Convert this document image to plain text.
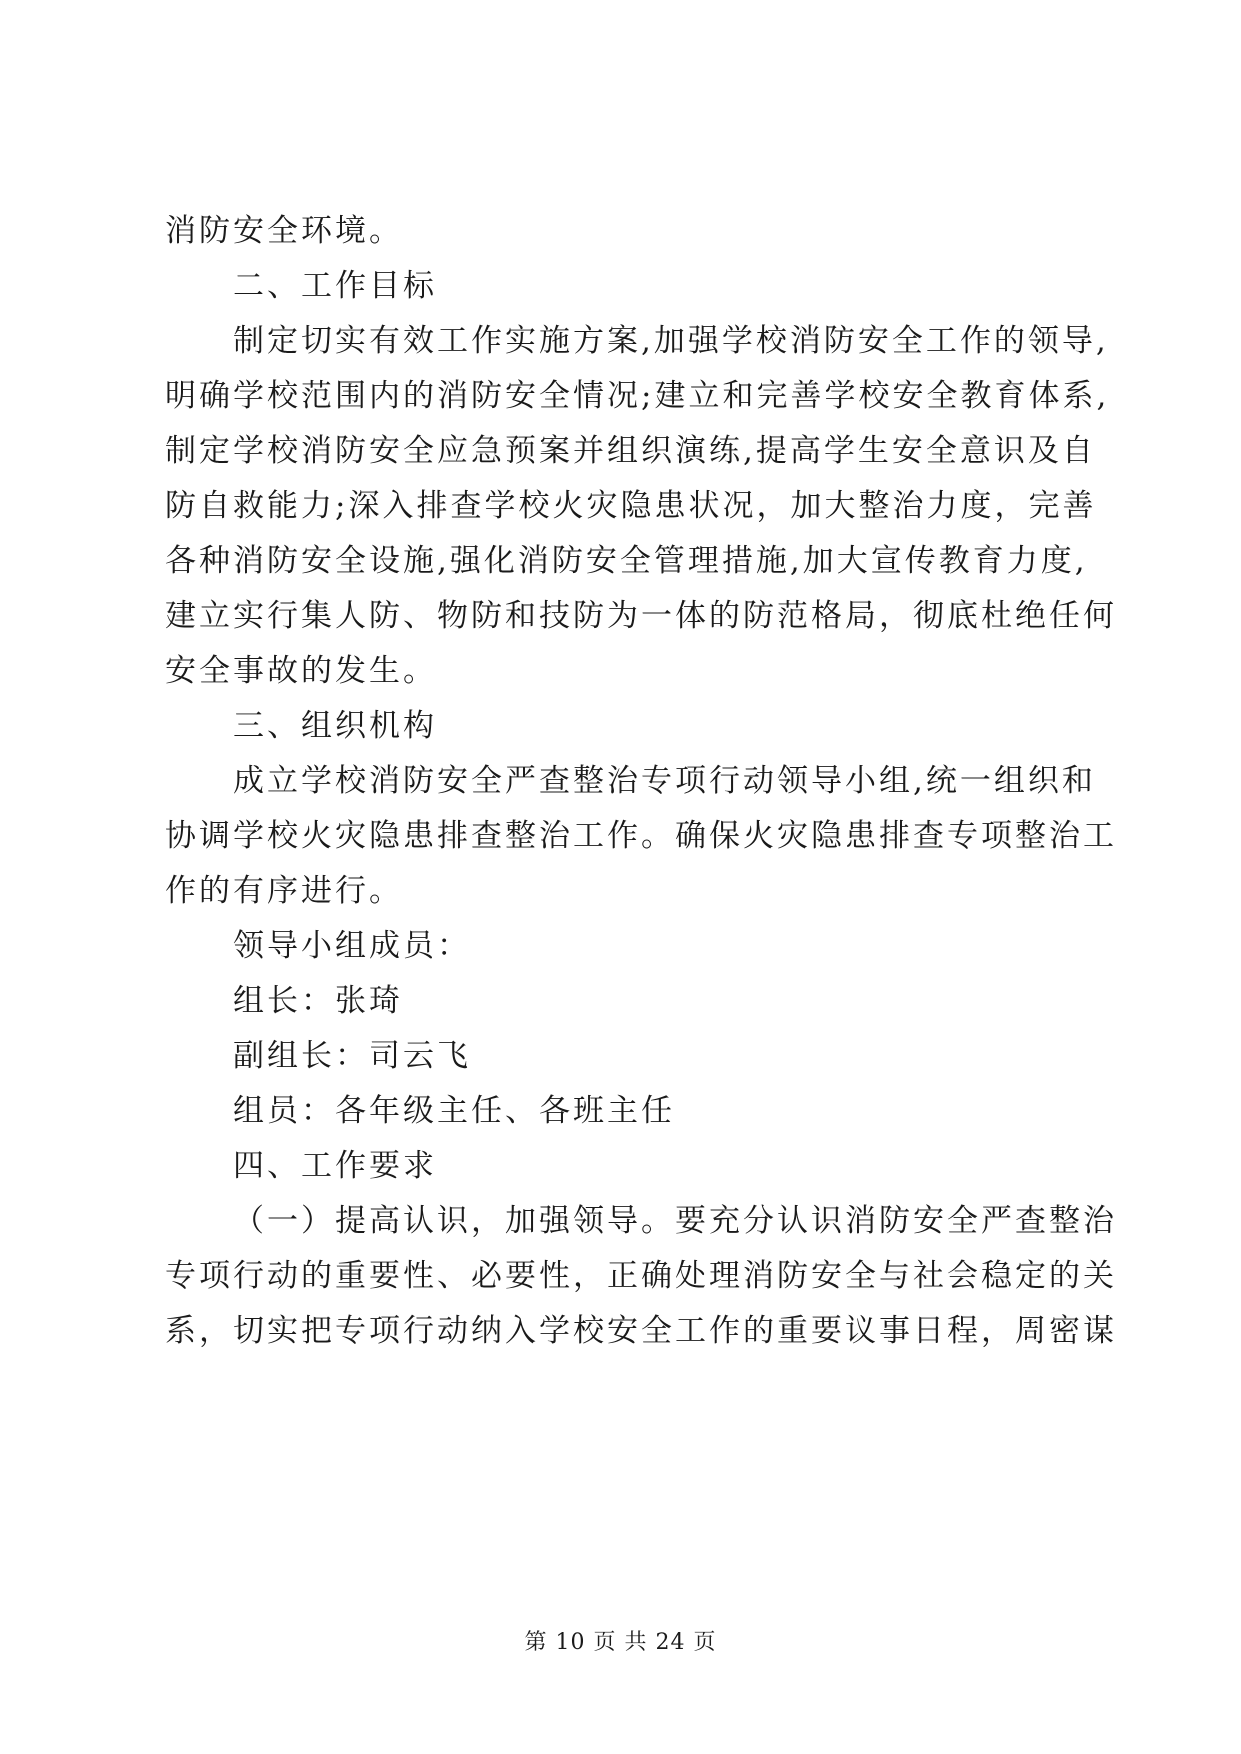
消防安全环境。
二、工作目标
制定切实有效工作实施方案,加强学校消防安全工作的领导,
明确学校范围内的消防安全情况;建立和完善学校安全教育体系,
制定学校消防安全应急预案并组织演练,提高学生安全意识及自
防自救能力;深入排查学校火灾隐患状况，加大整治力度，完善
各种消防安全设施,强化消防安全管理措施,加大宣传教育力度,
建立实行集人防、物防和技防为一体的防范格局，彻底杜绝任何
安全事故的发生。
三、组织机构
成立学校消防安全严查整治专项行动领导小组,统一组织和
协调学校火灾隐患排查整治工作。确保火灾隐患排查专项整治工
作的有序进行。
领导小组成员：
组长：张琦
副组长：司云飞
组员：各年级主任、各班主任
四、工作要求
（一）提高认识，加强领导。要充分认识消防安全严查整治
专项行动的重要性、必要性，正确处理消防安全与社会稳定的关
系，切实把专项行动纳入学校安全工作的重要议事日程，周密谋
第 10 页 共 24 页
